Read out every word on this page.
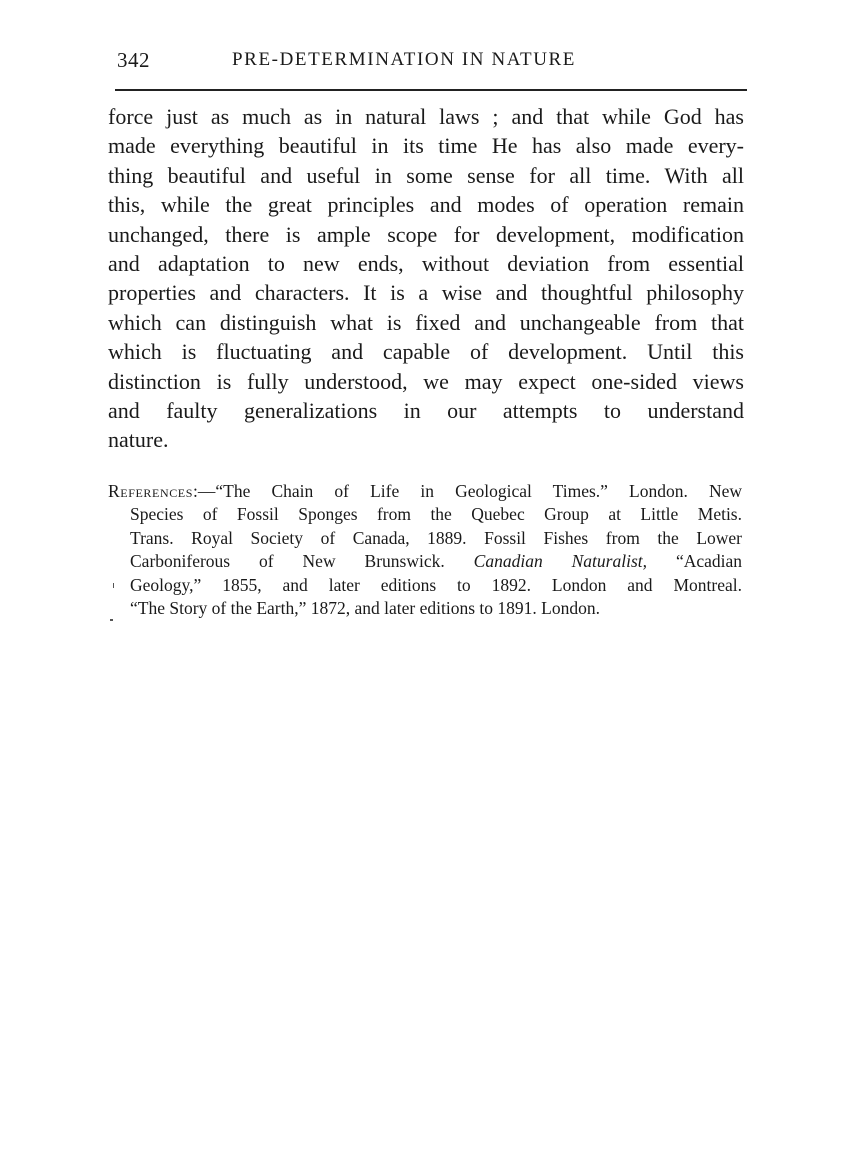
342	PRE-DETERMINATION IN NATURE
force just as much as in natural laws ; and that while God has
made everything beautiful in its time He has also made every-
thing beautiful and useful in some sense for all time. With all
this, while the great principles and modes of operation remain
unchanged, there is ample scope for development, modification
and adaptation to new ends, without deviation from essential
properties and characters. It is a wise and thoughtful philosophy
which can distinguish what is fixed and unchangeable from that
which is fluctuating and capable of development. Until this
distinction is fully understood, we may expect one-sided views
and faulty generalizations in our attempts to understand
nature.
References:—“The Chain of Life in Geological Times.” London. New
Species of Fossil Sponges from the Quebec Group at Little Metis.
Trans. Royal Society of Canada, 1889. Fossil Fishes from the Lower
Carboniferous of New Brunswick. Canadian Naturalist, “Acadian
Geology,” 1855, and later editions to 1892. London and Montreal.
“The Story of the Earth,” 1872, and later editions to 1891. London.
